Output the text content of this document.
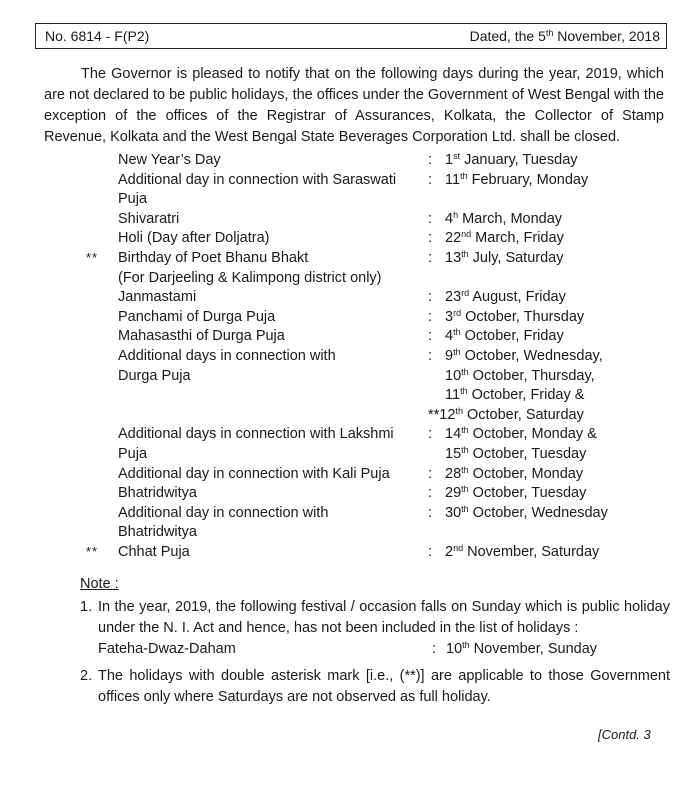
No. 6814 - F(P2)	Dated, the 5th November, 2018
The Governor is pleased to notify that on the following days during the year, 2019, which are not declared to be public holidays, the offices under the Government of West Bengal with the exception of the offices of the Registrar of Assurances, Kolkata, the Collector of Stamp Revenue, Kolkata and the West Bengal State Beverages Corporation Ltd. shall be closed.
New Year’s Day	: 1st January, Tuesday
Additional day in connection with Saraswati : 11th February, Monday
Puja
Shivaratri	: 4$^h$ March, Monday
Holi (Day after Doljatra)	: 22nd March, Friday
** Birthday of Poet Bhanu Bhakt	: 13th July, Saturday
(For Darjeeling & Kalimpong district only)
Janmastami	: 23rd August, Friday
Panchami of Durga Puja	: 3rd October, Thursday
Mahasasthi of Durga Puja	: 4th October, Friday
Additional days in connection with	: 9th October, Wednesday,
Durga Puja	10th October, Thursday,
11th October, Friday &
**12th October, Saturday
Additional days in connection with Lakshmi : 14th October, Monday &
Puja	15th October, Tuesday
Additional day in connection with Kali Puja	: 28th October, Monday
Bhatridwitya	: 29th October, Tuesday
Additional day in connection with	: 30th October, Wednesday
Bhatridwitya
** Chhat Puja	: 2nd November, Saturday
Note :
1. In the year, 2019, the following festival / occasion falls on Sunday which is public holiday under the N. I. Act and hence, has not been included in the list of holidays :
Fateha-Dwaz-Daham	: 10th November, Sunday
2. The holidays with double asterisk mark [i.e., (**)] are applicable to those Government offices only where Saturdays are not observed as full holiday.
[Contd. 3
